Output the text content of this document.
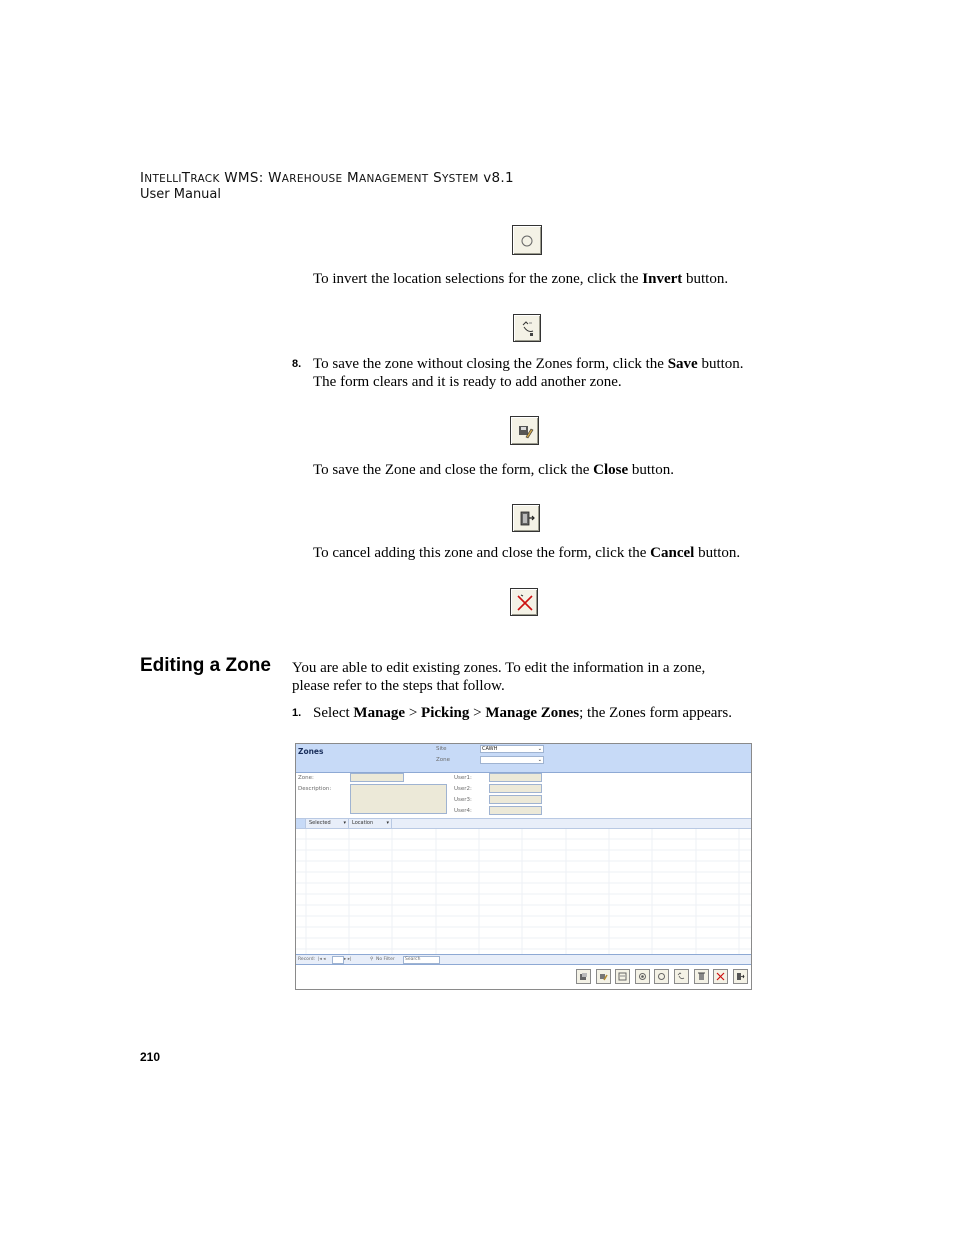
INTELLITRACK WMS: WAREHOUSE MANAGEMENT SYSTEM v8.1
User Manual
To invert the location selections for the zone, click the Invert button.
8. To save the zone without closing the Zones form, click the Save button.
The form clears and it is ready to add another zone.
To save the Zone and close the form, click the Close button.
To cancel adding this zone and close the form, click the Cancel button.
Editing a Zone You are able to edit existing zones. To edit the information in a zone,
please refer to the steps that follow.
1. Select Manage > Picking > Manage Zones; the Zones form appears.
Zones	Site	CAWH	⌄
Zone	⌄
Zone:
Description:
User1:
User2:
User3:
User4:
Selected	▾	Location	▾
Record: |◂ ◂	▸ ▸|	⚲ No Filter	Search
210
